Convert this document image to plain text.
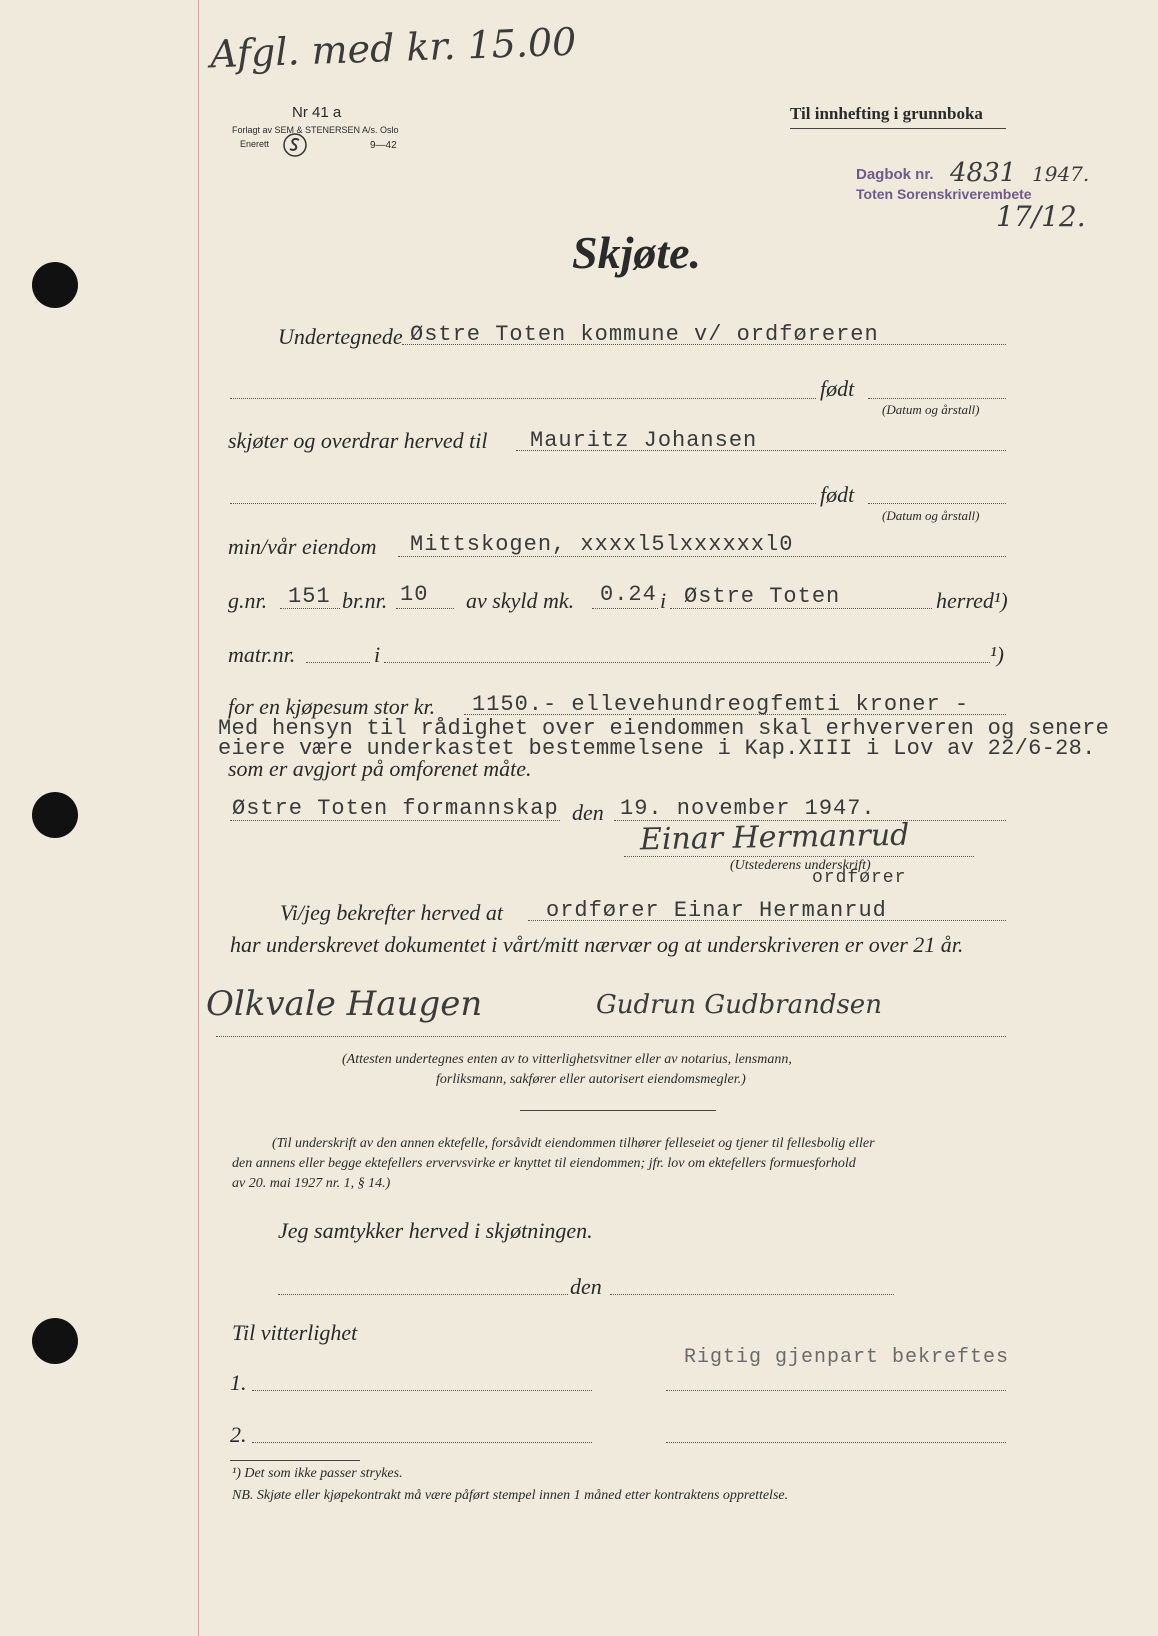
Afgl. med kr. 15.00
Nr 41 a
Forlagt av SEM & STENERSEN A/s. Oslo
Enerett	9—42
Til innhefting i grunnboka
Dagbok nr. 4831 1947.
Toten Sorenskriverembete
17/12.
Skjøte.
Undertegnede Østre Toten kommune v/ ordføreren
født
(Datum og årstall)
skjøter og overdrar herved til Mauritz Johansen
født
(Datum og årstall)
min/vår eiendom Mittskogen, xxxxl5lxxxxxxl0
g.nr. 151 br.nr. 10 av skyld mk. 0.24 i Østre Toten	herred¹)
matr.nr.	i	¹)
for en kjøpesum stor kr. 1150.- ellevehundreogfemti kroner -
Med hensyn til rådighet over eiendommen skal erhververen og senere
eiere være underkastet bestemmelsene i Kap.XIII i Lov av 22/6-28.
som er avgjort på omforenet måte.
Østre Toten formannskap den 19. november 1947.
Einar Hermanrud
(Utstederens underskrift)
ordfører
Vi/jeg bekrefter herved at ordfører Einar Hermanrud
har underskrevet dokumentet i vårt/mitt nærvær og at underskriveren er over 21 år.
Olkvale Haugen	Gudrun Gudbrandsen
(Attesten undertegnes enten av to vitterlighetsvitner eller av notarius, lensmann,
forliksmann, sakfører eller autorisert eiendomsmegler.)
(Til underskrift av den annen ektefelle, forsåvidt eiendommen tilhører felleseiet og tjener til fellesbolig eller
den annens eller begge ektefellers ervervsvirke er knyttet til eiendommen; jfr. lov om ektefellers formuesforhold
av 20. mai 1927 nr. 1, § 14.)
Jeg samtykker herved i skjøtningen.
den
Til vitterlighet
Rigtig gjenpart bekreftes
1.
2.
¹) Det som ikke passer strykes.
NB. Skjøte eller kjøpekontrakt må være påført stempel innen 1 måned etter kontraktens opprettelse.
